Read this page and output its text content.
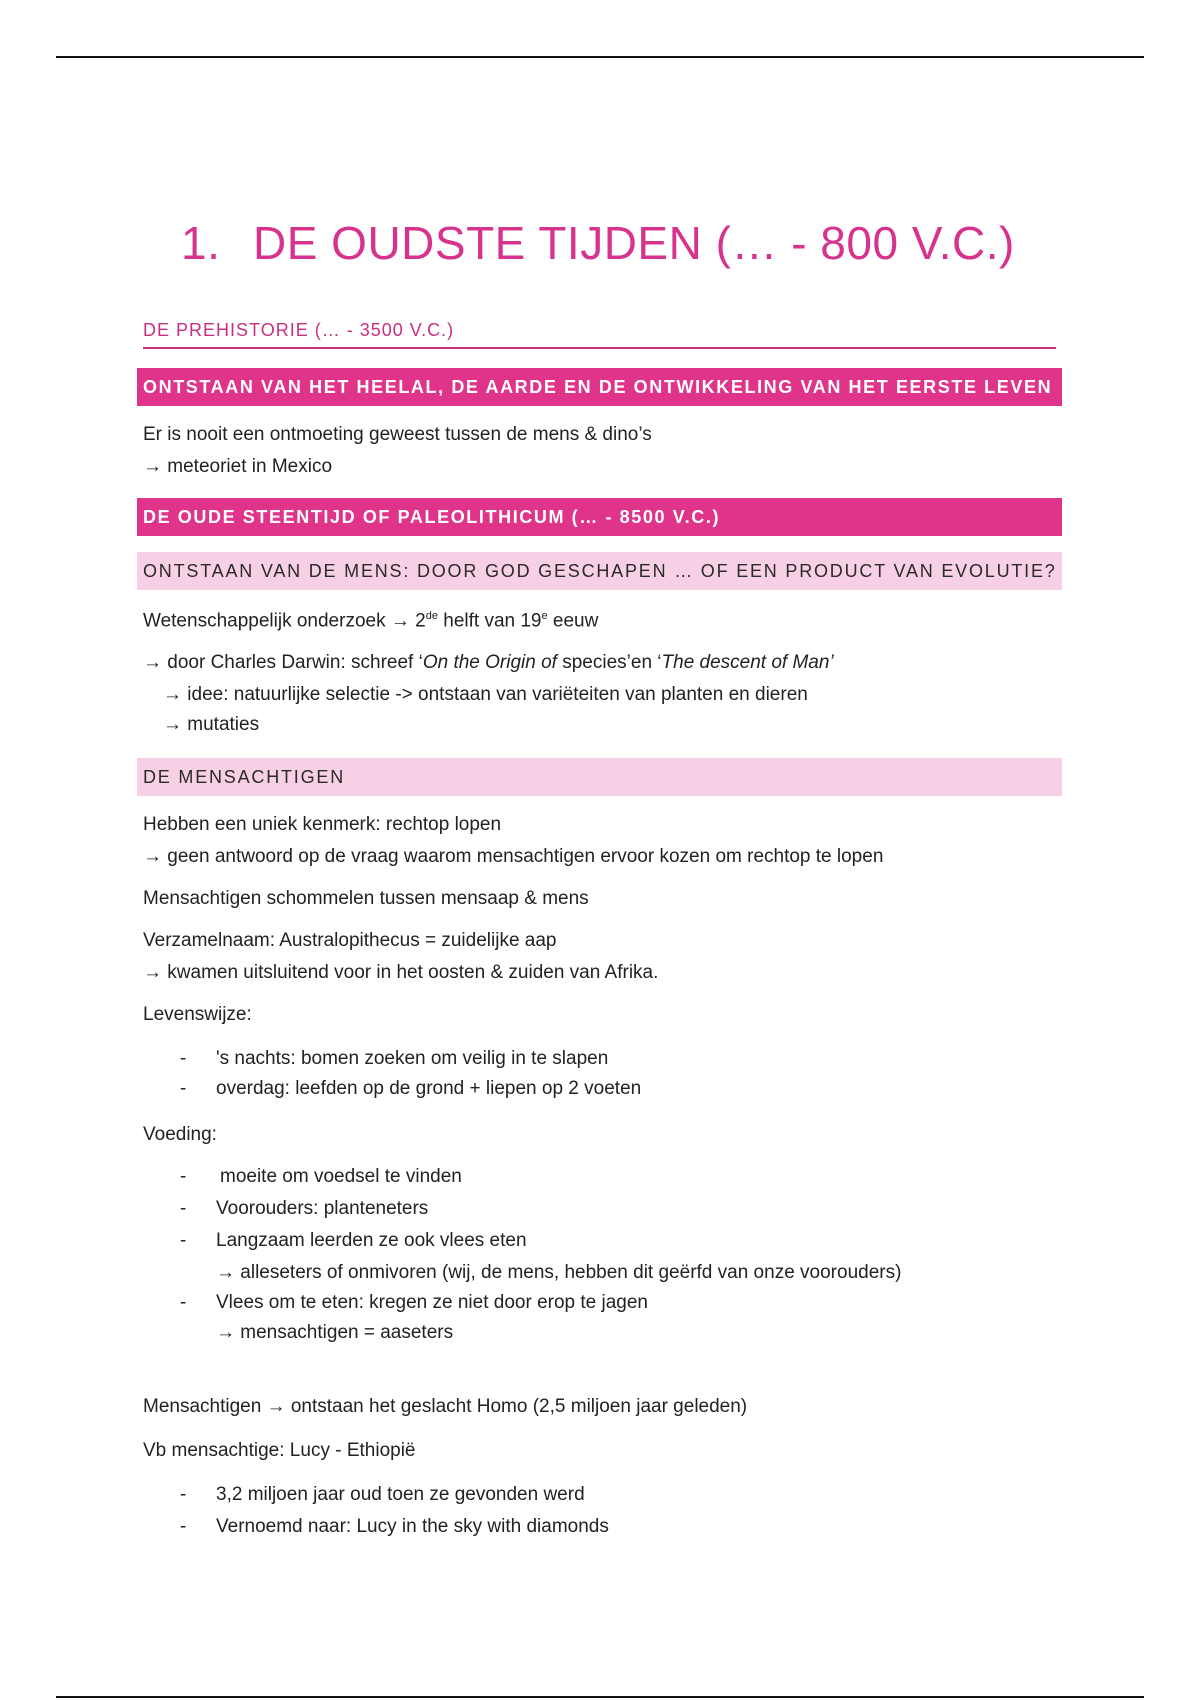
1. DE OUDSTE TIJDEN (… - 800 V.C.)
DE PREHISTORIE (… - 3500 V.C.)
ONTSTAAN VAN HET HEELAL, DE AARDE EN DE ONTWIKKELING VAN HET EERSTE LEVEN
Er is nooit een ontmoeting geweest tussen de mens & dino’s
→ meteoriet in Mexico
DE OUDE STEENTIJD OF PALEOLITHICUM (… - 8500 V.C.)
ONTSTAAN VAN DE MENS: DOOR GOD GESCHAPEN … OF EEN PRODUCT VAN EVOLUTIE?
Wetenschappelijk onderzoek → 2de helft van 19e eeuw
→ door Charles Darwin: schreef ‘On the Origin of species’en ‘The descent of Man’
→ idee: natuurlijke selectie -> ontstaan van variëteiten van planten en dieren
→ mutaties
DE MENSACHTIGEN
Hebben een uniek kenmerk: rechtop lopen
→ geen antwoord op de vraag waarom mensachtigen ervoor kozen om rechtop te lopen
Mensachtigen schommelen tussen mensaap & mens
Verzamelnaam: Australopithecus = zuidelijke aap
→ kwamen uitsluitend voor in het oosten & zuiden van Afrika.
Levenswijze:
- 's nachts: bomen zoeken om veilig in te slapen
- overdag: leefden op de grond + liepen op 2 voeten
Voeding:
- moeite om voedsel te vinden
- Voorouders: planteneters
- Langzaam leerden ze ook vlees eten
→ alleseters of onmivoren (wij, de mens, hebben dit geërfd van onze voorouders)
- Vlees om te eten: kregen ze niet door erop te jagen
→ mensachtigen = aaseters
Mensachtigen → ontstaan het geslacht Homo (2,5 miljoen jaar geleden)
Vb mensachtige: Lucy - Ethiopië
- 3,2 miljoen jaar oud toen ze gevonden werd
- Vernoemd naar: Lucy in the sky with diamonds
